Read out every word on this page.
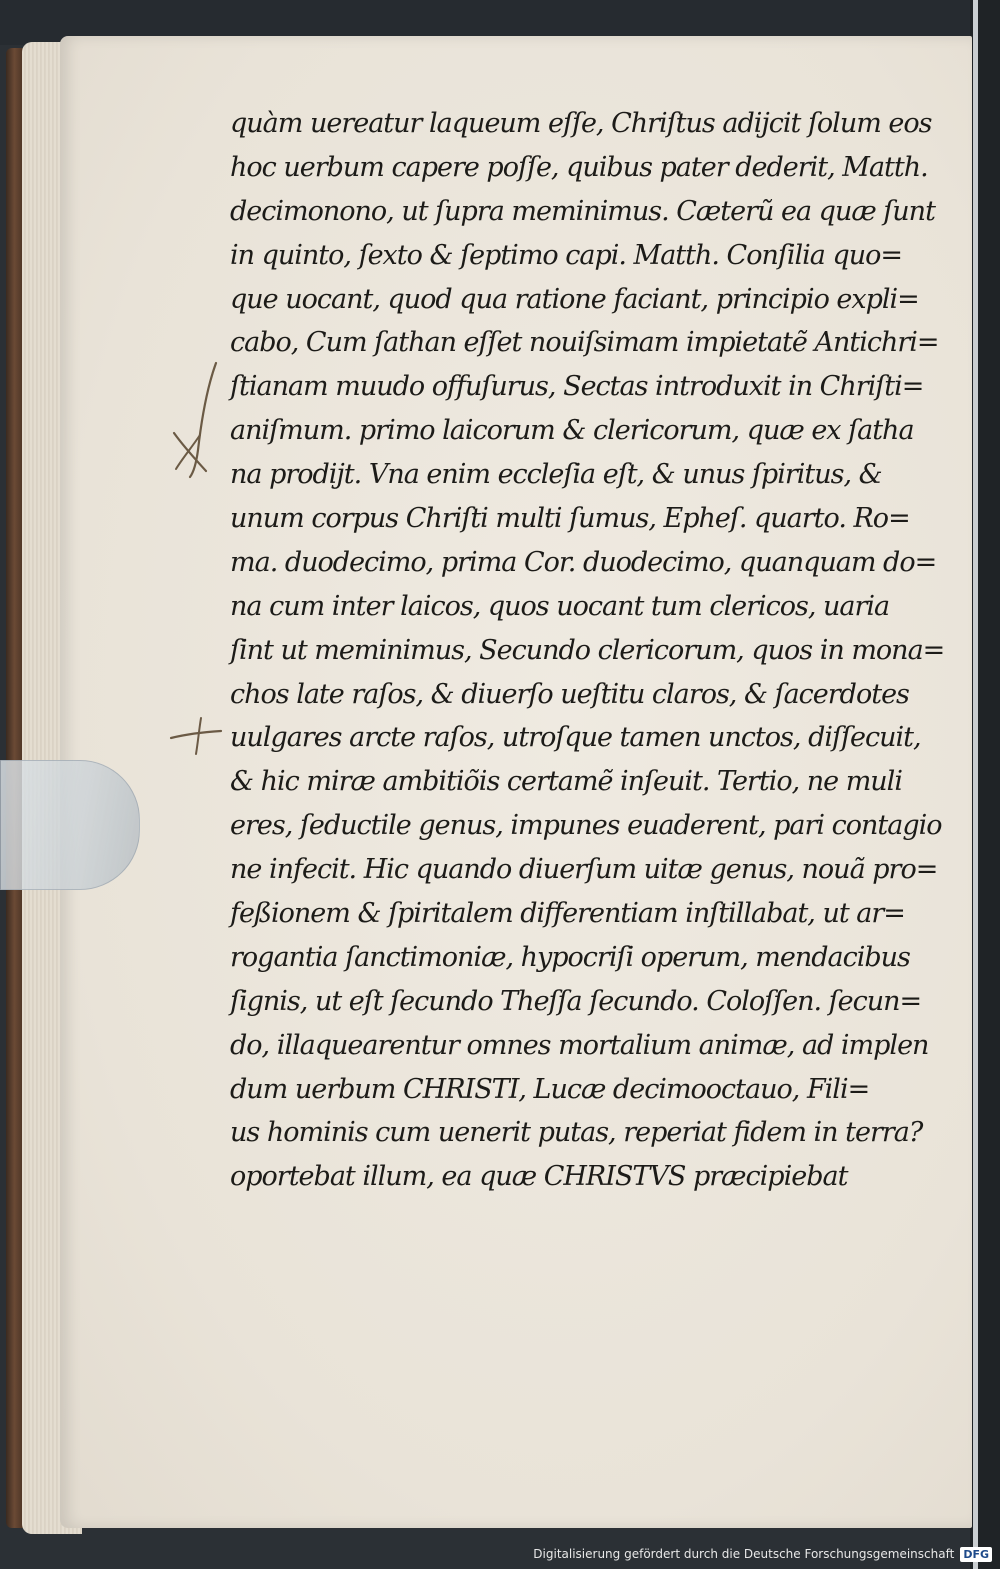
quàm uereatur laqueum eſſe, Chriſtus adijcit ſolum eos
hoc uerbum capere poſſe, quibus pater dederit, Matth.
decimonono, ut ſupra meminimus. Cæterũ ea quæ ſunt
in quinto, ſexto & ſeptimo capi. Matth. Conſilia quo=
que uocant, quod qua ratione faciant, principio expli=
cabo, Cum ſathan eſſet nouiſsimam impietatẽ Antichri=
ſtianam muudo offuſurus, Sectas introduxit in Chriſti=
aniſmum. primo laicorum & clericorum, quæ ex ſatha
na prodijt. Vna enim eccleſia eſt, & unus ſpiritus, &
unum corpus Chriſti multi ſumus, Epheſ. quarto. Ro=
ma. duodecimo, prima Cor. duodecimo, quanquam do=
na cum inter laicos, quos uocant tum clericos, uaria
ſint ut meminimus, Secundo clericorum, quos in mona=
chos late raſos, & diuerſo ueſtitu claros, & ſacerdotes
uulgares arcte raſos, utroſque tamen unctos, diſſecuit,
& hic miræ ambitiõis certamẽ inſeuit. Tertio, ne muli
eres, ſeductile genus, impunes euaderent, pari contagio
ne infecit. Hic quando diuerſum uitæ genus, nouã pro=
feßionem & ſpiritalem differentiam inſtillabat, ut ar=
rogantia ſanctimoniæ, hypocriſi operum, mendacibus
ſignis, ut eſt ſecundo Theſſa ſecundo. Coloſſen. ſecun=
do, illaquearentur omnes mortalium animæ, ad implen
dum uerbum CHRISTI, Lucæ decimooctauo, Fili=
us hominis cum uenerit putas, reperiat fidem in terra?
oportebat illum, ea quæ CHRISTVS præcipiebat
Digitalisierung gefördert durch die Deutsche Forschungsgemeinschaft DFG
